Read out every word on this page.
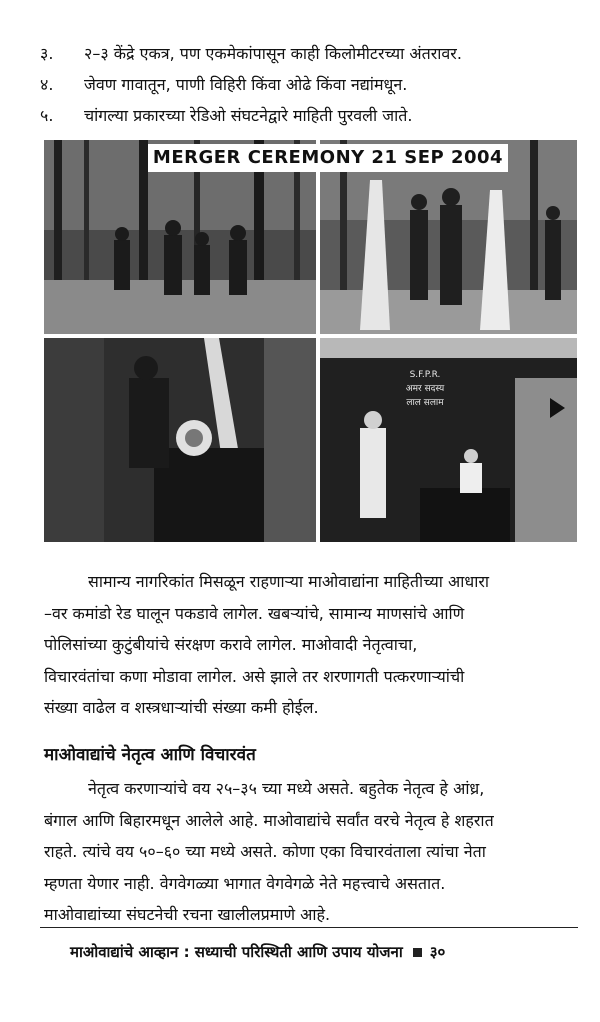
३.	२–३ केंद्रे एकत्र, पण एकमेकांपासून काही किलोमीटरच्या अंतरावर.
४.	जेवण गावातून, पाणी विहिरी किंवा ओढे किंवा नद्यांमधून.
५.	चांगल्या प्रकारच्या रेडिओ संघटनेद्वारे माहिती पुरवली जाते.
S.F.P.R.
अमर सदस्य
लाल सलाम
MERGER CEREMONY 21 SEP 2004
सामान्य नागरिकांत मिसळून राहणाऱ्या माओवाद्यांना माहितीच्या आधारा
–वर कमांडो रेड घालून पकडावे लागेल. खबऱ्यांचे, सामान्य माणसांचे आणि
पोलिसांच्या कुटुंबीयांचे संरक्षण करावे लागेल. माओवादी नेतृत्वाचा,
विचारवंतांचा कणा मोडावा लागेल. असे झाले तर शरणागती पत्करणाऱ्यांची
संख्या वाढेल व शस्त्रधाऱ्यांची संख्या कमी होईल.
माओवाद्यांचे नेतृत्व आणि विचारवंत
नेतृत्व करणाऱ्यांचे वय २५–३५ च्या मध्ये असते. बहुतेक नेतृत्व हे आंध्र,
बंगाल आणि बिहारमधून आलेले आहे. माओवाद्यांचे सर्वांत वरचे नेतृत्व हे शहरात
राहते. त्यांचे वय ५०–६० च्या मध्ये असते. कोणा एका विचारवंताला त्यांचा नेता
म्हणता येणार नाही. वेगवेगळ्या भागात वेगवेगळे नेते महत्त्वाचे असतात.
माओवाद्यांच्या संघटनेची रचना खालीलप्रमाणे आहे.
माओवाद्यांचे आव्हान : सध्याची परिस्थिती आणि उपाय योजना ३०
